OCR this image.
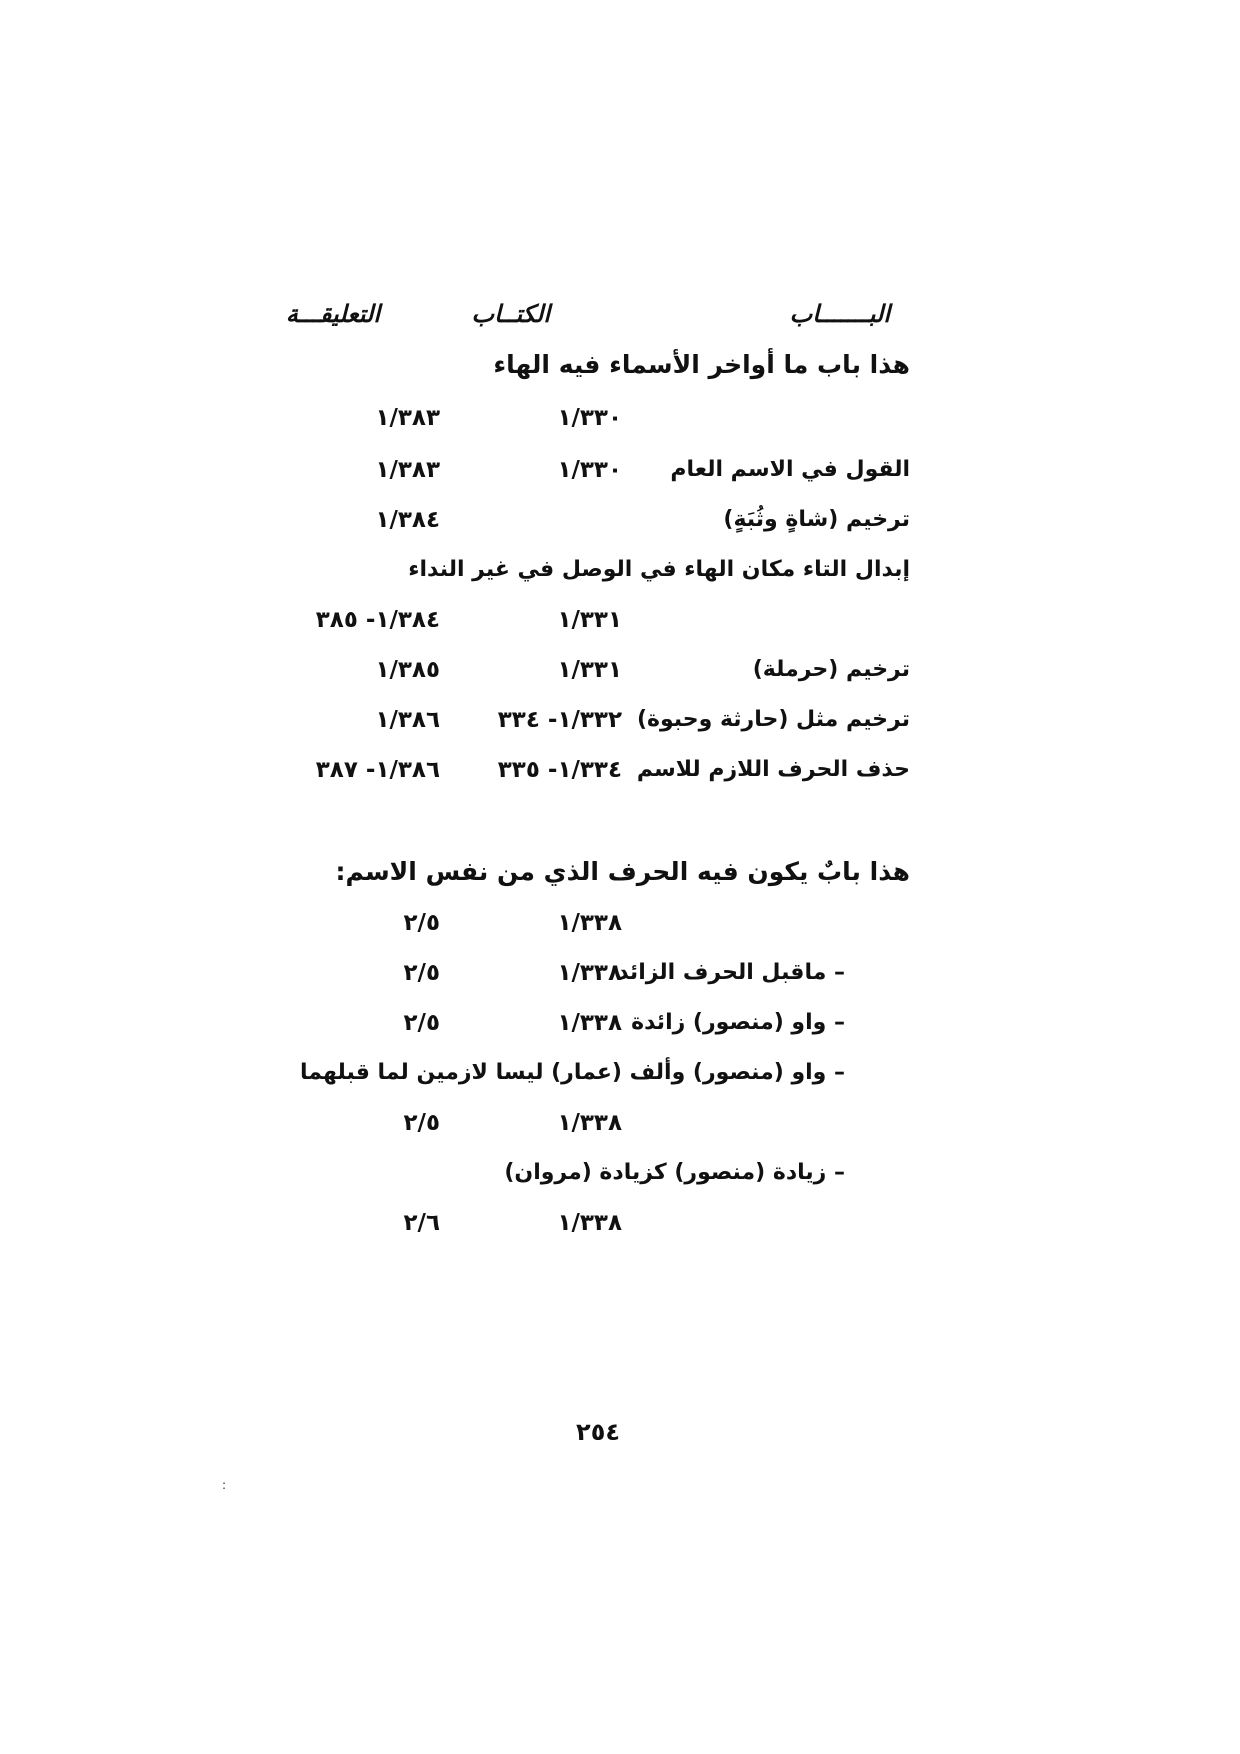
البـــــــاب
الكتــاب
التعليقـــة
هذا باب ما أواخر الأسماء فيه الهاء
١/٣٣٠
١/٣٨٣
القول في الاسم العام
١/٣٣٠
١/٣٨٣
ترخيم (شاةٍ وثُبَةٍ)
١/٣٨٤
إبدال التاء مكان الهاء في الوصل في غير النداء
١/٣٣١
١/٣٨٤- ٣٨٥
ترخيم (حرملة)
١/٣٣١
١/٣٨٥
ترخيم مثل (حارثة وحبوة)
١/٣٣٢- ٣٣٤
١/٣٨٦
حذف الحرف اللازم للاسم
١/٣٣٤- ٣٣٥
١/٣٨٦- ٣٨٧
هذا بابٌ يكون فيه الحرف الذي من نفس الاسم:
١/٣٣٨
٢/٥
– ماقبل الحرف الزائد
١/٣٣٨
٢/٥
– واو (منصور) زائدة
١/٣٣٨
٢/٥
– واو (منصور) وألف (عمار) ليسا لازمين لما قبلهما
١/٣٣٨
٢/٥
– زيادة (منصور) كزيادة (مروان)
١/٣٣٨
٢/٦
٢٥٤
:
